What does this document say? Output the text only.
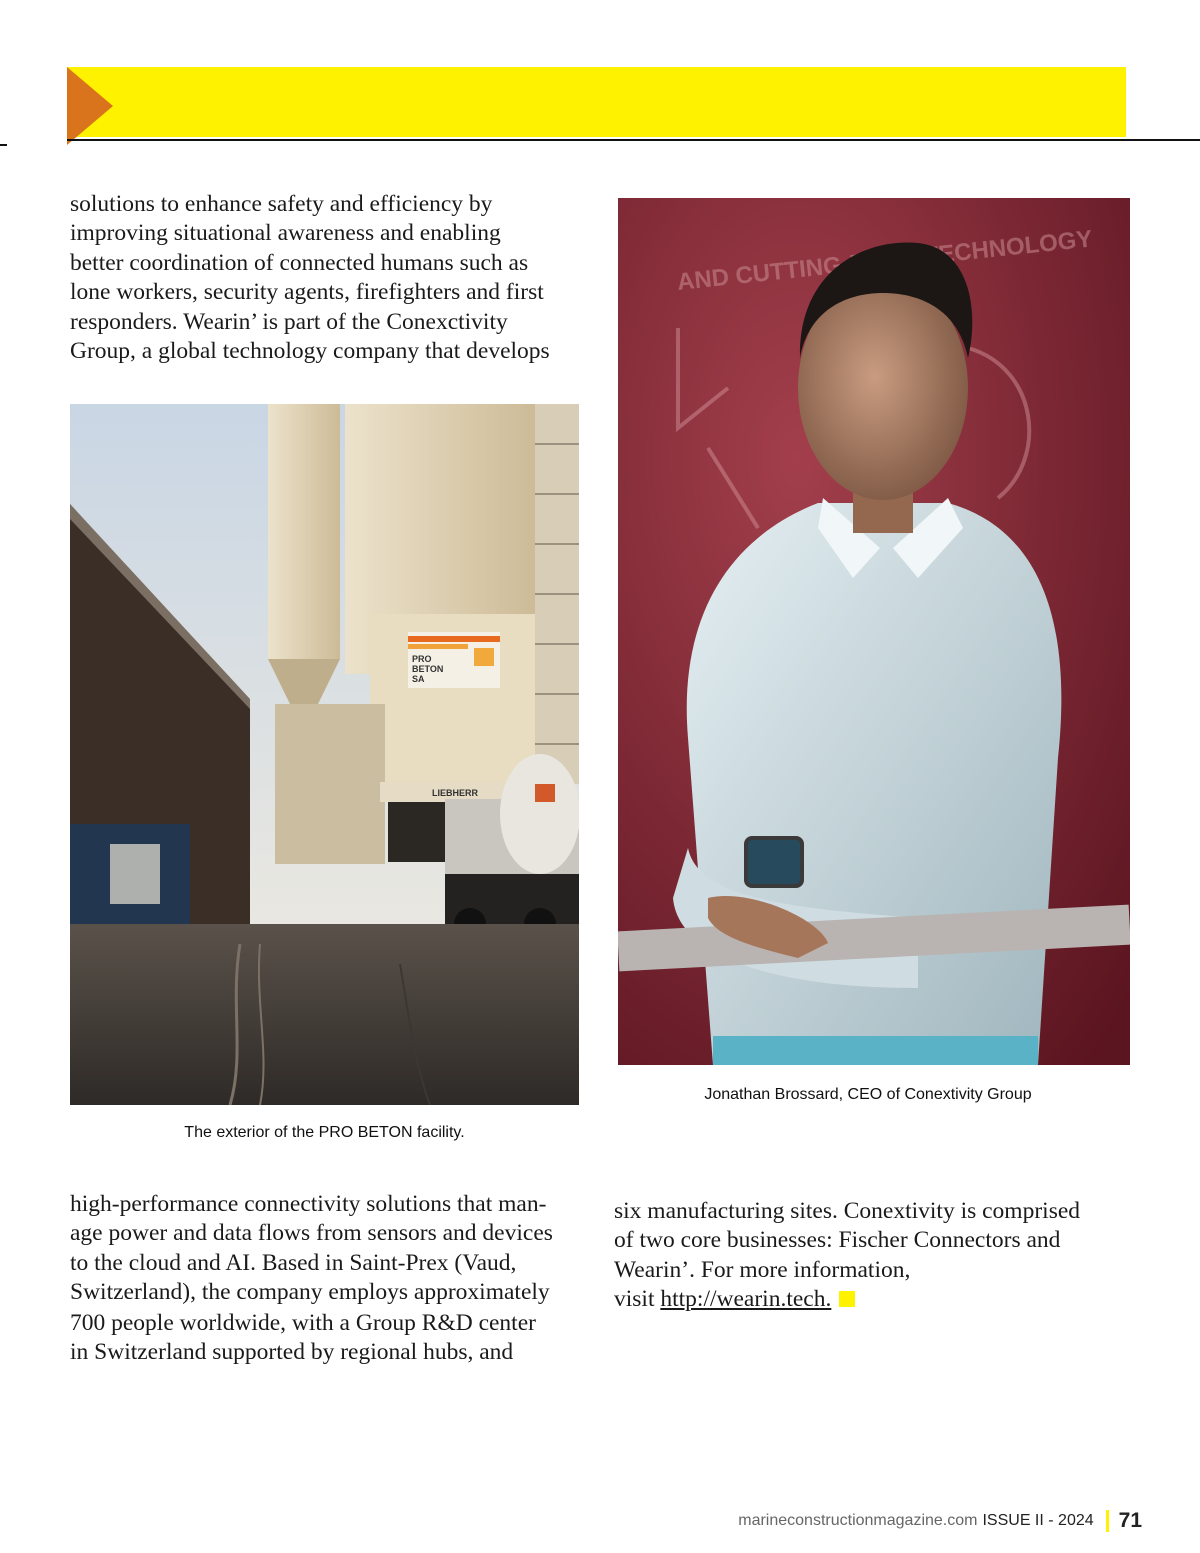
solutions to enhance safety and efficiency by
improving situational awareness and enabling
better coordination of connected humans such as
lone workers, security agents, firefighters and first
responders. Wearin’ is part of the Conexctivity
Group, a global technology company that develops

PRO
BETON
SA
LIEBHERR
The exterior of the PRO BETON facility.
AND CUTTING-EDGE TECHNOLOGY
Jonathan Brossard, CEO of Conextivity Group

high-performance connectivity solutions that man-
age power and data flows from sensors and devices
to the cloud and AI. Based in Saint-Prex (Vaud,
Switzerland), the company employs approximately

700 people worldwide, with a Group R&D center
in Switzerland supported by regional hubs, and

six manufacturing sites. Conextivity is comprised
of two core businesses: Fischer Connectors and
Wearin’. For more information,
visit http://wearin.tech.

marineconstructionmagazine.com ISSUE II - 2024 71
